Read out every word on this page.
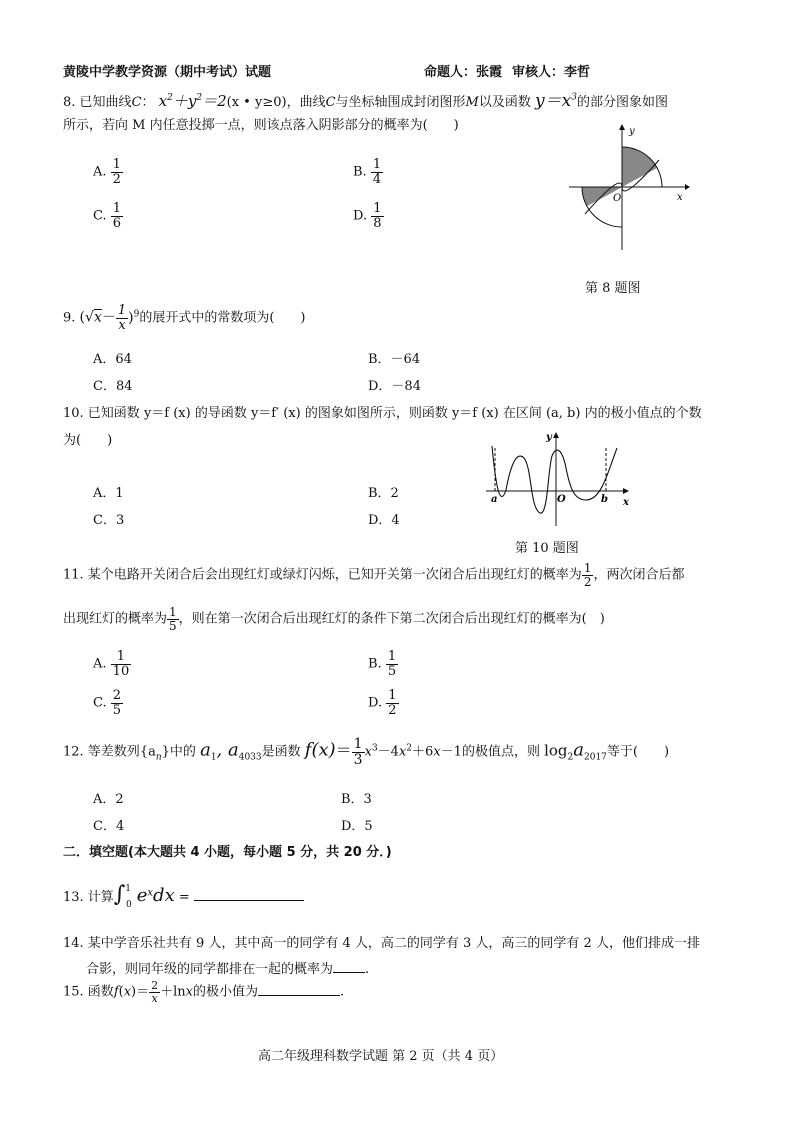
黄陵中学教学资源（期中考试）试题	命题人：张霞 审核人：李哲
8. 已知曲线C： $x^2+y^2=2(x$ • y≥0)，曲线C与坐标轴围成封闭图形M以及函数 $y=x^3$的部分图象如图
所示，若向 M 内任意投掷一点，则该点落入阴影部分的概率为(　　)
A. $\frac{1}{2}$	B. $\frac{1}{4}$
C. $\frac{1}{6}$	D. $\frac{1}{8}$
y
x
O
第 8 题图
9. $(√x- \frac{1}{x} )^9$的展开式中的常数项为(　　)
A．64	B．－64
C．84	D．－84
10. 已知函数 y＝f (x) 的导函数 y＝f′ (x) 的图象如图所示，则函数 y＝f (x) 在区间 (a, b) 内的极小值点的个数
为(　　)
A．1	B．2
C．3	D．4
y
x
a	b
O
第 10 题图
11. 某个电路开关闭合后会出现红灯或绿灯闪烁，已知开关第一次闭合后出现红灯的概率为 $\frac{1}{2}$ ，两次闭合后都
出现红灯的概率为 $\frac{1}{5}$ ，则在第一次闭合后出现红灯的条件下第二次闭合后出现红灯的概率为(　)
A. $\frac{1}{10}$	B. $\frac{1}{5}$
C. $\frac{2}{5}$	D. $\frac{1}{2}$
12. 等差数列$\{a_n\}$中的 $a_1$, $a_{4033}$是函数 $f(x)= \frac{1}{3} x^3-4x^2+6x-1$的极值点，则 $\log_2a_{2017}$等于(　　)
A．2	B．3
C．4	D．5
二．填空题(本大题共 4 小题，每小题 5 分，共 20 分．)
13. 计算∫$^1_0$ $e^xdx$ =
14. 某中学音乐社共有 9 人，其中高一的同学有 4 人，高二的同学有 3 人，高三的同学有 2 人，他们排成一排
合影，则同年级的同学都排在一起的概率为 .
15. 函数$f(x)= \frac{2}{x} +\ln x$的极小值为	.
高二年级理科数学试题 第 2 页（共 4 页）
